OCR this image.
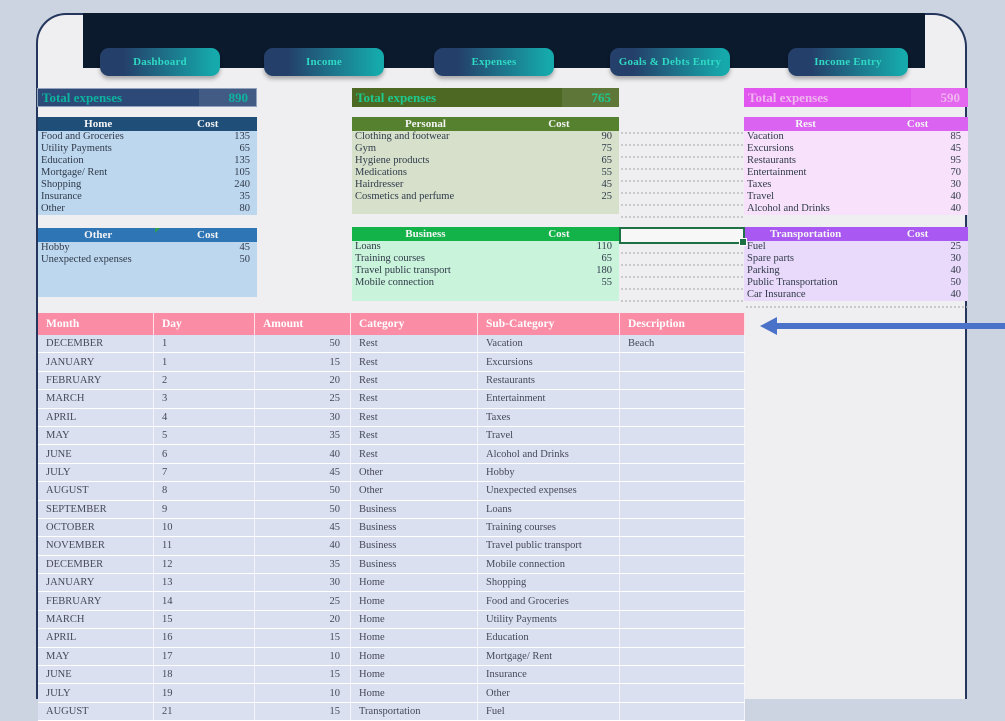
Dashboard	Income	Expenses	Goals & Debts Entry	Income Entry
Total expenses	890	Total expenses	765	Total expenses	590
Home	Cost
Food and Groceries	135
Utility Payments	65
Education	135
Mortgage/ Rent	105
Shopping	240
Insurance	35
Other	80
Other	Cost
Hobby	45
Unexpected expenses	50
Personal	Cost
Clothing and footwear	90
Gym	75
Hygiene products	65
Medications	55
Hairdresser	45
Cosmetics and perfume	25
Business	Cost
Loans	110
Training courses	65
Travel public transport	180
Mobile connection	55
Rest	Cost
Vacation	85
Excursions	45
Restaurants	95
Entertainment	70
Taxes	30
Travel	40
Alcohol and Drinks	40
Transportation	Cost
Fuel	25
Spare parts	30
Parking	40
Public Transportation	50
Car Insurance	40
Month	Day	Amount	Category	Sub-Category	Description
DECEMBER	1	50	Rest	Vacation	Beach
JANUARY	1	15	Rest	Excursions
FEBRUARY	2	20	Rest	Restaurants
MARCH	3	25	Rest	Entertainment
APRIL	4	30	Rest	Taxes
MAY	5	35	Rest	Travel
JUNE	6	40	Rest	Alcohol and Drinks
JULY	7	45	Other	Hobby
AUGUST	8	50	Other	Unexpected expenses
SEPTEMBER	9	50	Business	Loans
OCTOBER	10	45	Business	Training courses
NOVEMBER	11	40	Business	Travel public transport
DECEMBER	12	35	Business	Mobile connection
JANUARY	13	30	Home	Shopping
FEBRUARY	14	25	Home	Food and Groceries
MARCH	15	20	Home	Utility Payments
APRIL	16	15	Home	Education
MAY	17	10	Home	Mortgage/ Rent
JUNE	18	15	Home	Insurance
JULY	19	10	Home	Other
AUGUST	21	15	Transportation	Fuel
